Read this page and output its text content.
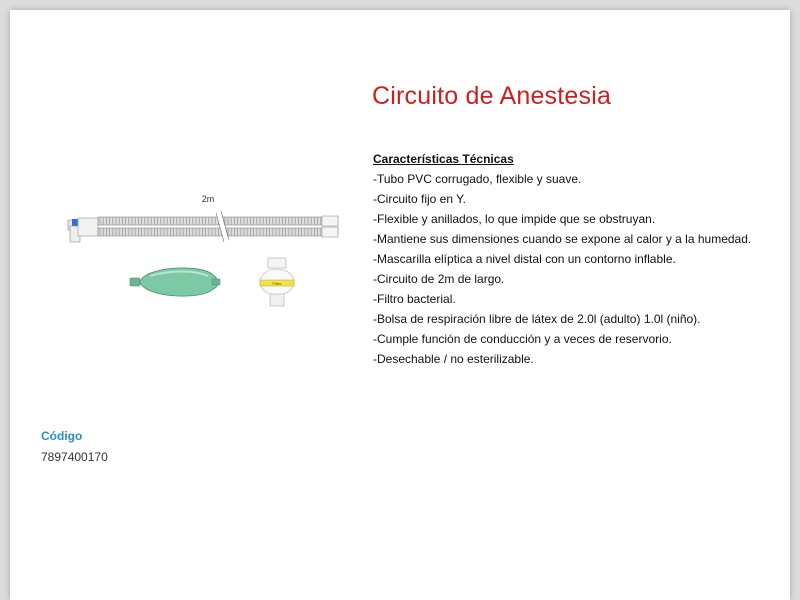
2m
Filtro
Circuito de Anestesia
Características Técnicas
-Tubo PVC corrugado, flexible y suave.
-Circuito fijo en Y.
-Flexible y anillados, lo que impide que se obstruyan.
-Mantiene sus dimensiones cuando se expone al calor y a la humedad.
-Mascarilla elíptica a nivel distal con un contorno inflable.
-Circuito de 2m de largo.
-Filtro bacterial.
-Bolsa de respiración libre de látex de 2.0l (adulto) 1.0l (niño).
-Cumple función de conducción y a veces de reservorio.
-Desechable / no esterilizable.
Código
7897400170
